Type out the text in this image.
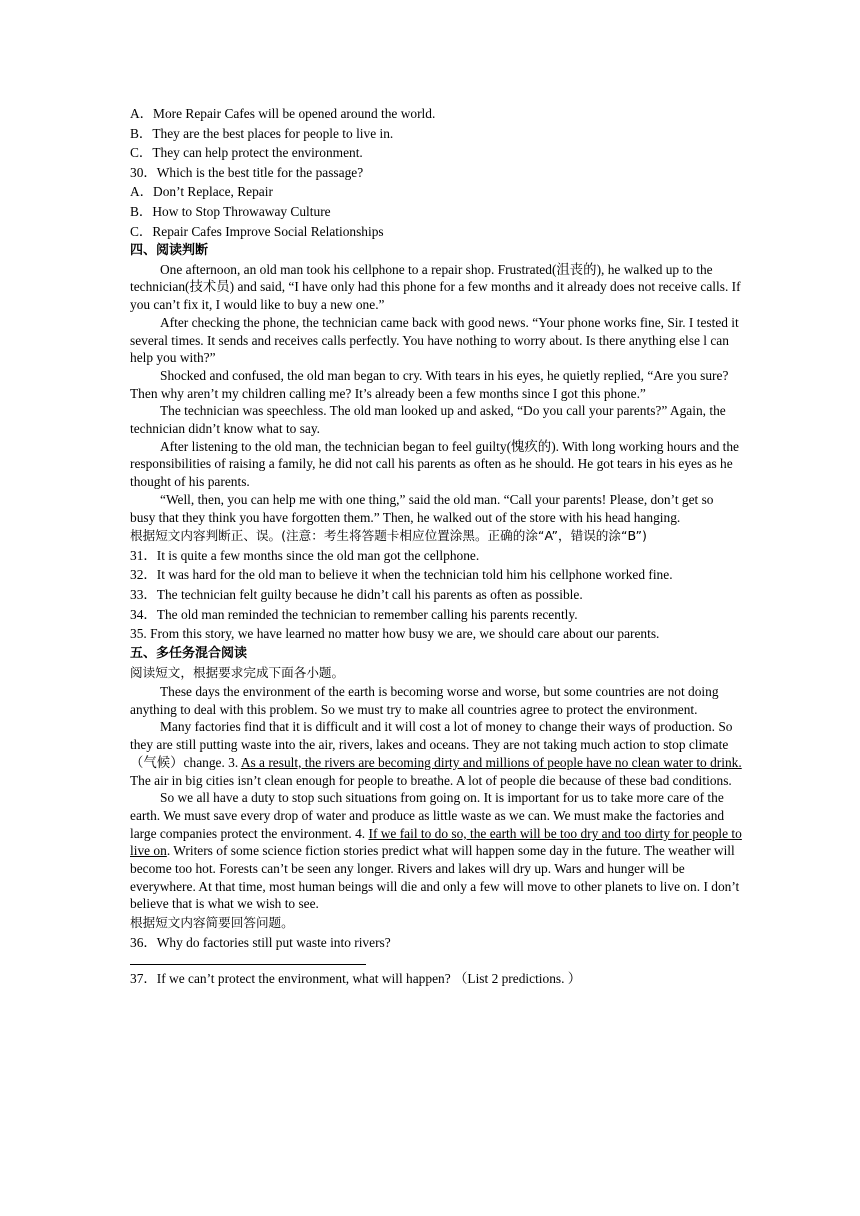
A．More Repair Cafes will be opened around the world.

B．They are the best places for people to live in.

C．They can help protect the environment.

30．Which is the best title for the passage?

A．Don’t Replace, Repair

B．How to Stop Throwaway Culture

C．Repair Cafes Improve Social Relationships

四、阅读判断

One afternoon, an old man took his cellphone to a repair shop. Frustrated(沮丧的), he walked up to the technician(技术员) and said, “I have only had this phone for a few months and it already does not receive calls. If you can’t fix it, I would like to buy a new one.”

After checking the phone, the technician came back with good news. “Your phone works fine, Sir. I tested it several times. It sends and receives calls perfectly. You have nothing to worry about. Is there anything else l can help you with?”

Shocked and confused, the old man began to cry. With tears in his eyes, he quietly replied, “Are you sure? Then why aren’t my children calling me? It’s already been a few months since I got this phone.”

The technician was speechless. The old man looked up and asked, “Do you call your parents?” Again, the technician didn’t know what to say.

After listening to the old man, the technician began to feel guilty(愧疚的). With long working hours and the responsibilities of raising a family, he did not call his parents as often as he should. He got tears in his eyes as he thought of his parents.

“Well, then, you can help me with one thing,” said the old man. “Call your parents! Please, don’t get so busy that they think you have forgotten them.” Then, he walked out of the store with his head hanging.

根据短文内容判断正、误。(注意：考生将答题卡相应位置涂黑。正确的涂“A”，错误的涂“B”)

31．It is quite a few months since the old man got the cellphone.

32．It was hard for the old man to believe it when the technician told him his cellphone worked fine.

33．The technician felt guilty because he didn’t call his parents as often as possible.

34．The old man reminded the technician to remember calling his parents recently.

35. From this story, we have learned no matter how busy we are, we should care about our parents.

五、多任务混合阅读

阅读短文，根据要求完成下面各小题。

These days the environment of the earth is becoming worse and worse, but some countries are not doing anything to deal with this problem. So we must try to make all countries agree to protect the environment.

Many factories find that it is difficult and it will cost a lot of money to change their ways of production. So they are still putting waste into the air, rivers, lakes and oceans. They are not taking much action to stop climate（气候）change. 3. As a result, the rivers are becoming dirty and millions of people have no clean water to drink. The air in big cities isn’t clean enough for people to breathe. A lot of people die because of these bad conditions.

So we all have a duty to stop such situations from going on. It is important for us to take more care of the earth. We must save every drop of water and produce as little waste as we can. We must make the factories and large companies protect the environment. 4. If we fail to do so, the earth will be too dry and too dirty for people to live on. Writers of some science fiction stories predict what will happen some day in the future. The weather will become too hot. Forests can’t be seen any longer. Rivers and lakes will dry up. Wars and hunger will be everywhere. At that time, most human beings will die and only a few will move to other planets to live on. I don’t believe that is what we wish to see.

根据短文内容简要回答问题。

36．Why do factories still put waste into rivers?

37．If we can’t protect the environment, what will happen? （List 2 predictions. ）
